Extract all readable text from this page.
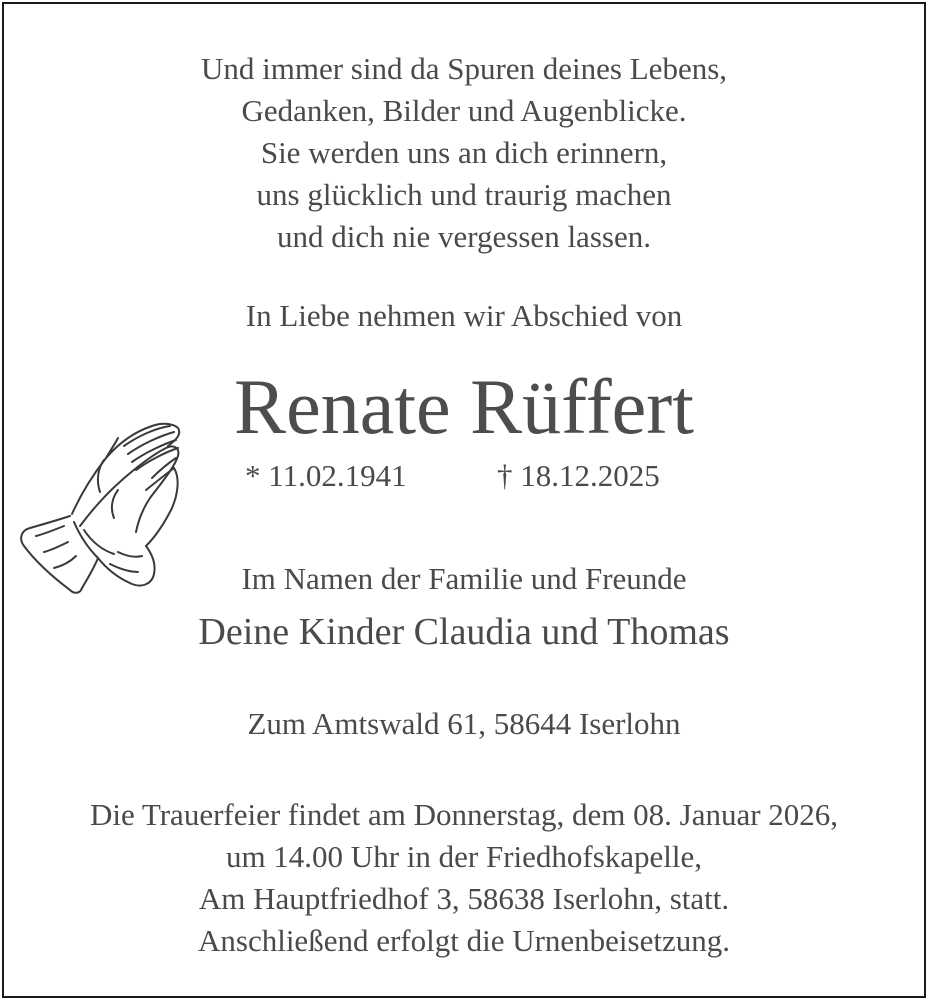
Und immer sind da Spuren deines Lebens,
Gedanken, Bilder und Augenblicke.
Sie werden uns an dich erinnern,
uns glücklich und traurig machen
und dich nie vergessen lassen.
In Liebe nehmen wir Abschied von
Renate Rüffert
* 11.02.1941	† 18.12.2025
Im Namen der Familie und Freunde
Deine Kinder Claudia und Thomas
Zum Amtswald 61, 58644 Iserlohn
Die Trauerfeier findet am Donnerstag, dem 08. Januar 2026,
um 14.00 Uhr in der Friedhofskapelle,
Am Hauptfriedhof 3, 58638 Iserlohn, statt.
Anschließend erfolgt die Urnenbeisetzung.
